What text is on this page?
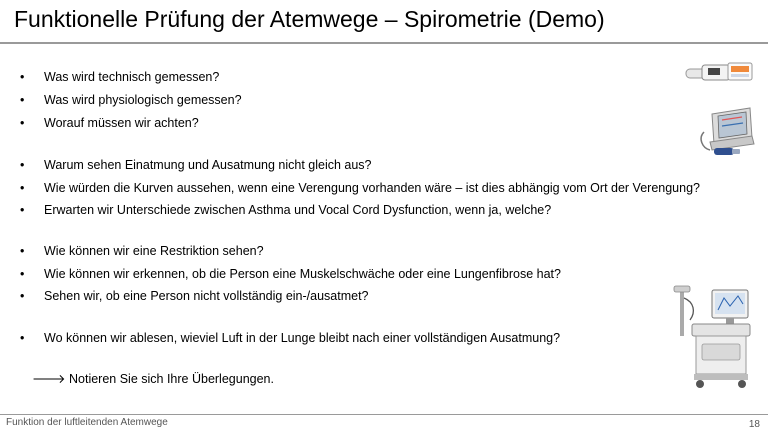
Funktionelle Prüfung der Atemwege – Spirometrie (Demo)
•	Was wird technisch gemessen?
•	Was wird physiologisch gemessen?
•	Worauf müssen wir achten?
•	Warum sehen Einatmung und Ausatmung nicht gleich aus?
•	Wie würden die Kurven aussehen, wenn eine Verengung vorhanden wäre – ist dies abhängig vom Ort der Verengung?
•	Erwarten wir Unterschiede zwischen Asthma und Vocal Cord Dysfunction, wenn ja, welche?
•	Wie können wir eine Restriktion sehen?
•	Wie können wir erkennen, ob die Person eine Muskelschwäche oder eine Lungenfibrose hat?
•	Sehen wir, ob eine Person nicht vollständig ein-/ausatmet?
•	Wo können wir ablesen, wieviel Luft in der Lunge bleibt nach einer vollständigen Ausatmung?
🡒 Notieren Sie sich Ihre Überlegungen.
Funktion der luftleitenden Atemwege	18
